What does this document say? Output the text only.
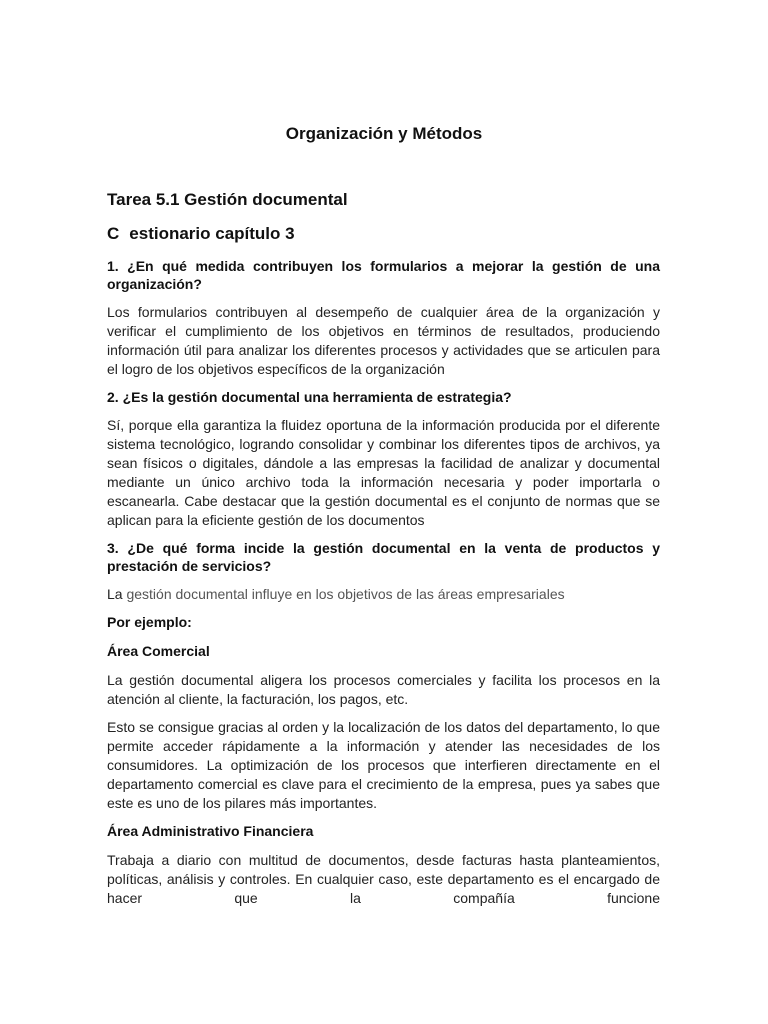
Organización y Métodos
Tarea 5.1 Gestión documental
C estionario capítulo 3
1. ¿En qué medida contribuyen los formularios a mejorar la gestión de una organización?
Los formularios contribuyen al desempeño de cualquier área de la organización y verificar el cumplimiento de los objetivos en términos de resultados, produciendo información útil para analizar los diferentes procesos y actividades que se articulen para el logro de los objetivos específicos de la organización
2. ¿Es la gestión documental una herramienta de estrategia?
Sí, porque ella garantiza la fluidez oportuna de la información producida por el diferente sistema tecnológico, logrando consolidar y combinar los diferentes tipos de archivos, ya sean físicos o digitales, dándole a las empresas la facilidad de analizar y documental mediante un único archivo toda la información necesaria y poder importarla o escanearla. Cabe destacar que la gestión documental es el conjunto de normas que se aplican para la eficiente gestión de los documentos
3. ¿De qué forma incide la gestión documental en la venta de productos y prestación de servicios?
La gestión documental influye en los objetivos de las áreas empresariales
Por ejemplo:
Área Comercial
La gestión documental aligera los procesos comerciales y facilita los procesos en la atención al cliente, la facturación, los pagos, etc.
Esto se consigue gracias al orden y la localización de los datos del departamento, lo que permite acceder rápidamente a la información y atender las necesidades de los consumidores. La optimización de los procesos que interfieren directamente en el departamento comercial es clave para el crecimiento de la empresa, pues ya sabes que este es uno de los pilares más importantes.
Área Administrativo Financiera
Trabaja a diario con multitud de documentos, desde facturas hasta planteamientos, políticas, análisis y controles. En cualquier caso, este departamento es el encargado de hacer que la compañía funcione
